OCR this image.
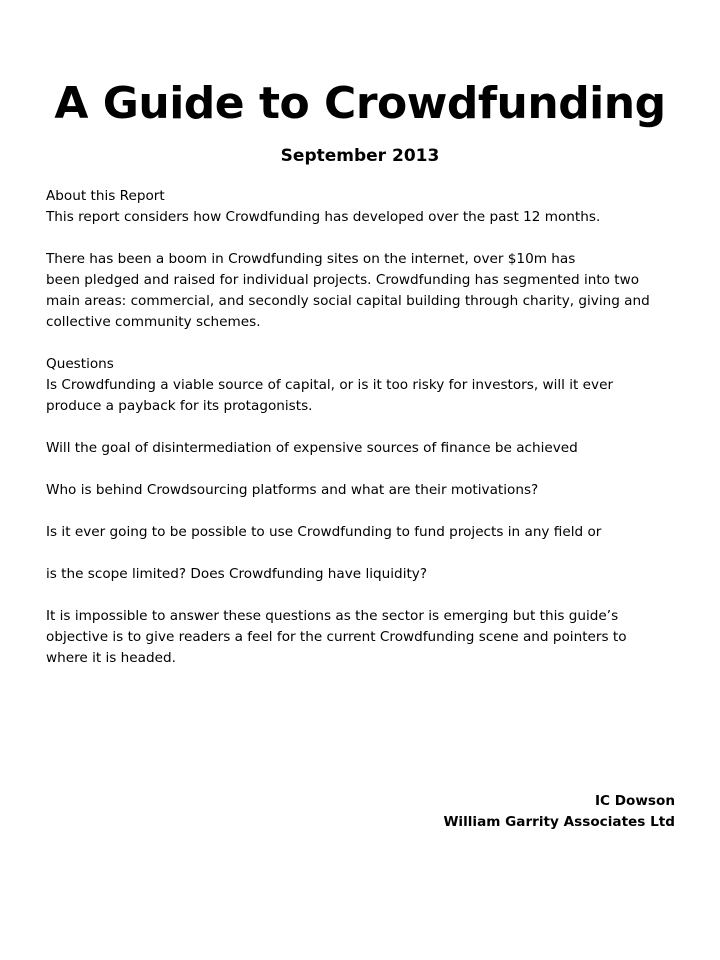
A Guide to Crowdfunding
September 2013
About this Report
This report considers how Crowdfunding has developed over the past 12 months.
There has been a boom in Crowdfunding sites on the internet, over $10m has
been pledged and raised for individual projects. Crowdfunding has segmented into two
main areas: commercial, and secondly social capital building through charity, giving and
collective community schemes.
Questions
Is Crowdfunding a viable source of capital, or is it too risky for investors, will it ever
produce a payback for its protagonists.
Will the goal of disintermediation of expensive sources of finance be achieved
Who is behind Crowdsourcing platforms and what are their motivations?
Is it ever going to be possible to use Crowdfunding to fund projects in any field or
is the scope limited? Does Crowdfunding have liquidity?
It is impossible to answer these questions as the sector is emerging but this guide’s
objective is to give readers a feel for the current Crowdfunding scene and pointers to
where it is headed.
IC Dowson
William Garrity Associates Ltd
